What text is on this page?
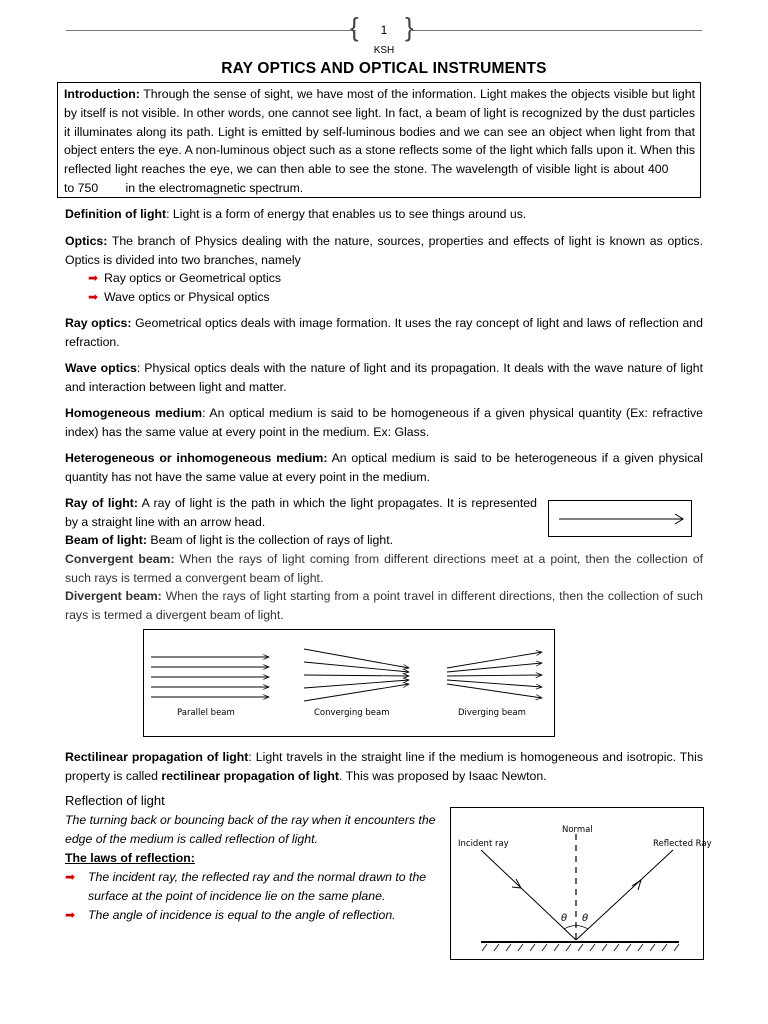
{ }
1
KSH
RAY OPTICS AND OPTICAL INSTRUMENTS
Introduction: Through the sense of sight, we have most of the information. Light makes the objects visible but light by itself is not visible. In other words, one cannot see light. In fact, a beam of light is recognized by the dust particles it illuminates along its path. Light is emitted by self-luminous bodies and we can see an object when light from that object enters the eye. A non-luminous object such as a stone reflects some of the light which falls upon it. When this reflected light reaches the eye, we can then able to see the stone. The wavelength of visible light is about 400        to 750        in the electromagnetic spectrum.
Definition of light: Light is a form of energy that enables us to see things around us.
Optics: The branch of Physics dealing with the nature, sources, properties and effects of light is known as optics. Optics is divided into two branches, namely
➡ Ray optics or Geometrical optics
➡ Wave optics or Physical optics
Ray optics: Geometrical optics deals with image formation. It uses the ray concept of light and laws of reflection and refraction.
Wave optics: Physical optics deals with the nature of light and its propagation. It deals with the wave nature of light and interaction between light and matter.
Homogeneous medium: An optical medium is said to be homogeneous if a given physical quantity (Ex: refractive index) has the same value at every point in the medium. Ex: Glass.
Heterogeneous or inhomogeneous medium: An optical medium is said to be heterogeneous if a given physical quantity has not have the same value at every point in the medium.
Ray of light: A ray of light is the path in which the light propagates. It is represented by a straight line with an arrow head.
Beam of light: Beam of light is the collection of rays of light.
Convergent beam: When the rays of light coming from different directions meet at a point, then the collection of such rays is termed a convergent beam of light.
Divergent beam: When the rays of light starting from a point travel in different directions, then the collection of such rays is termed a divergent beam of light.
Parallel beam	Converging beam	Diverging beam
Rectilinear propagation of light: Light travels in the straight line if the medium is homogeneous and isotropic. This property is called rectilinear propagation of light. This was proposed by Isaac Newton.
Reflection of light
The turning back or bouncing back of the ray when it encounters the edge of the medium is called reflection of light.
The laws of reflection:
➡	The incident ray, the reflected ray and the normal drawn to the surface at the point of incidence lie on the same plane.
➡	The angle of incidence is equal to the angle of reflection.
Normal
Incident ray	Reflected Ray
θ θ
